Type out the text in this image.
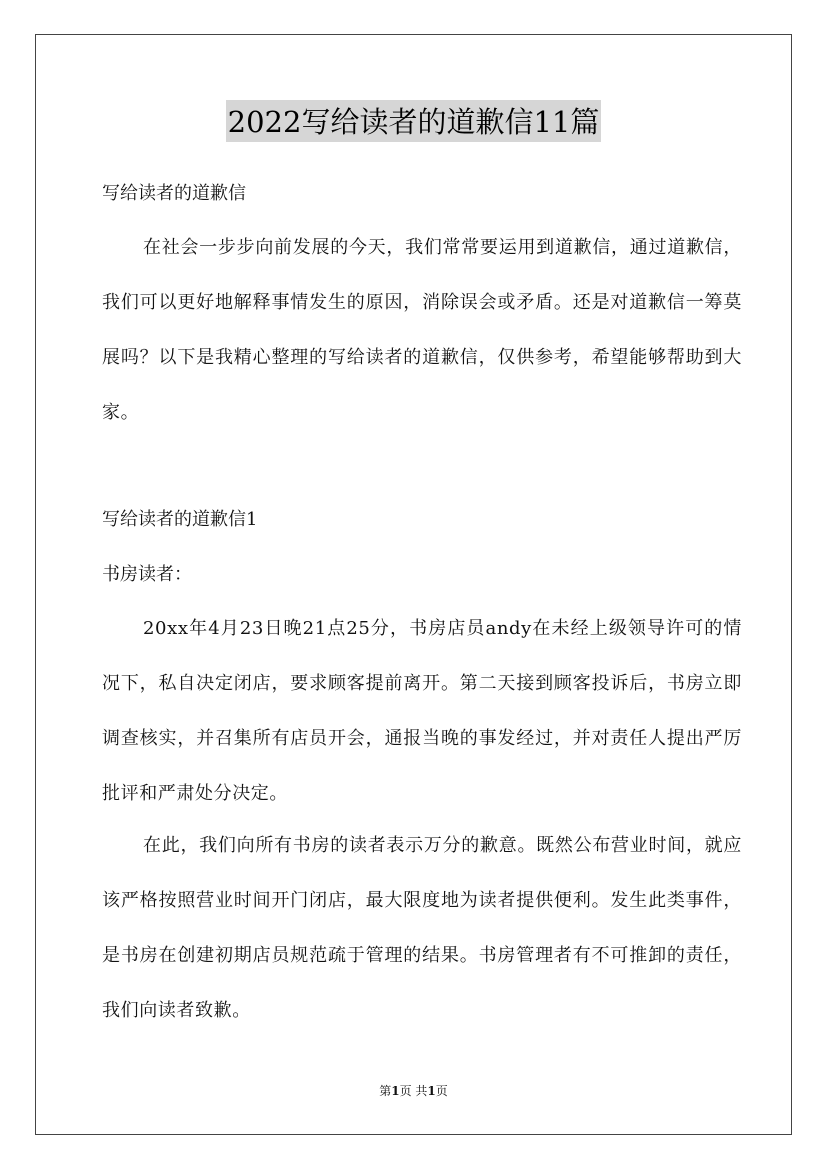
2022写给读者的道歉信11篇

写给读者的道歉信

在社会一步步向前发展的今天，我们常常要运用到道歉信，通过道歉信，我们可以更好地解释事情发生的原因，消除误会或矛盾。还是对道歉信一筹莫展吗？以下是我精心整理的写给读者的道歉信，仅供参考，希望能够帮助到大家。

写给读者的道歉信1

书房读者：

20xx年4月23日晚21点25分，书房店员andy在未经上级领导许可的情况下，私自决定闭店，要求顾客提前离开。第二天接到顾客投诉后，书房立即调查核实，并召集所有店员开会，通报当晚的事发经过，并对责任人提出严厉批评和严肃处分决定。

在此，我们向所有书房的读者表示万分的歉意。既然公布营业时间，就应该严格按照营业时间开门闭店，最大限度地为读者提供便利。发生此类事件，是书房在创建初期店员规范疏于管理的结果。书房管理者有不可推卸的责任，我们向读者致歉。

第1页 共1页
